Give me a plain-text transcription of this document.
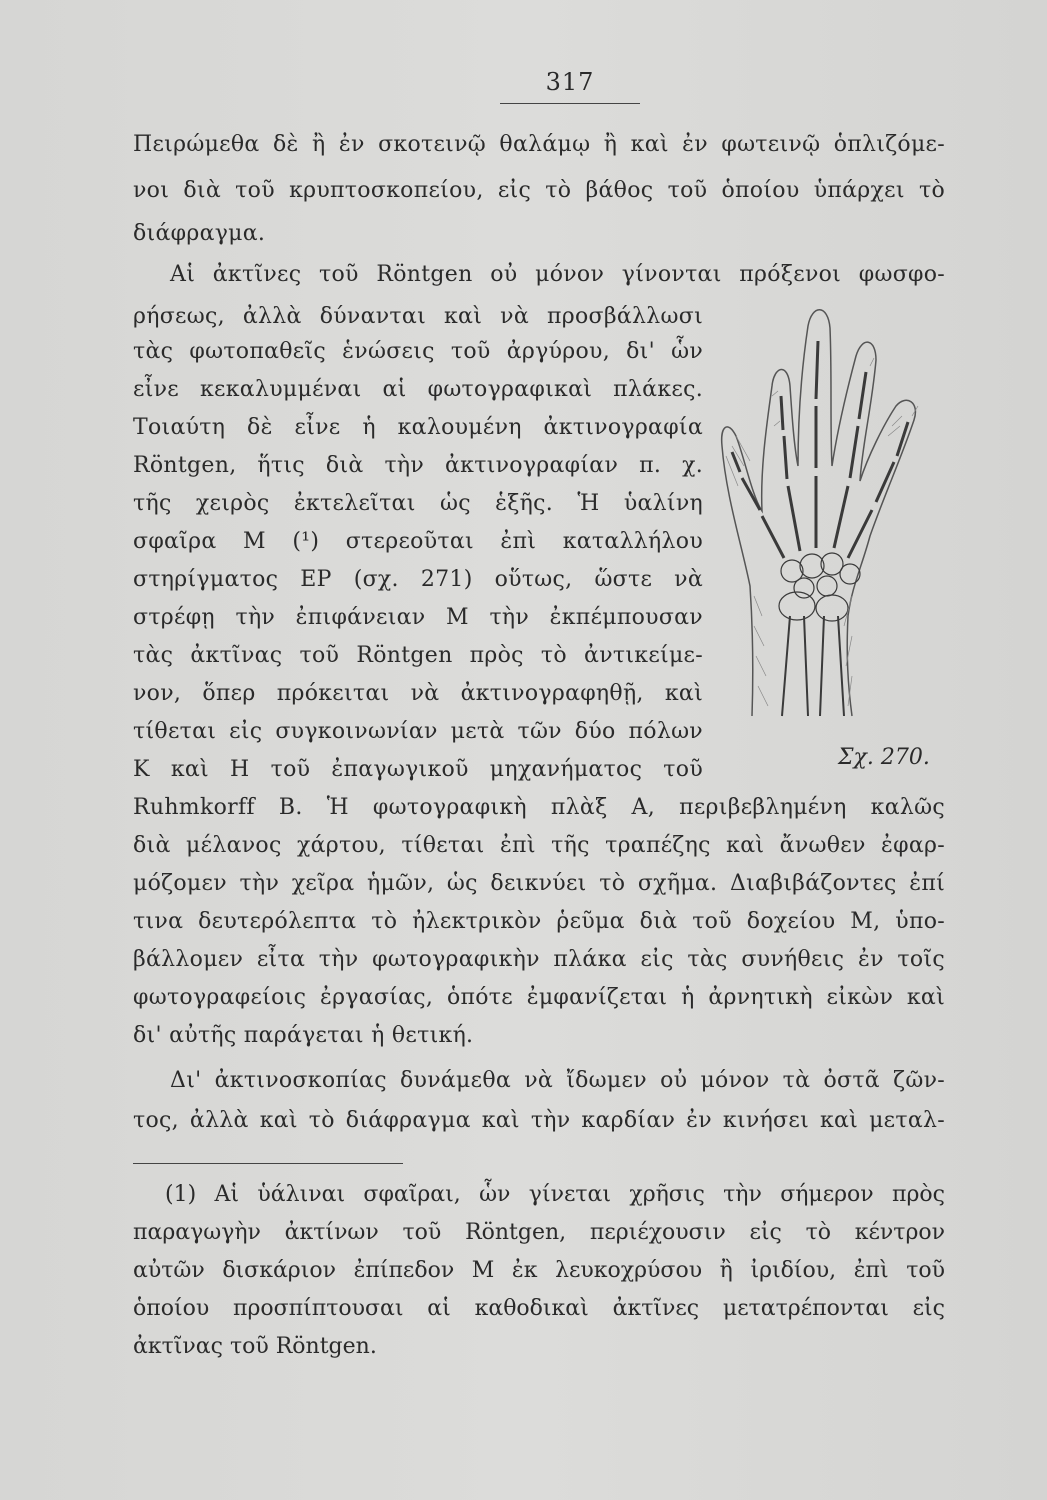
317
Πειρώμεθα δὲ ἢ ἐν σκοτεινῷ θαλάμῳ ἢ καὶ ἐν φωτεινῷ ὁπλιζόμε-
νοι διὰ τοῦ κρυπτοσκοπείου, εἰς τὸ βάθος τοῦ ὁποίου ὑπάρχει τὸ
διάφραγμα.
Αἱ ἀκτῖνες τοῦ Röntgen οὐ μόνον γίνονται πρόξενοι φωσφο-
ρήσεως, ἀλλὰ δύνανται καὶ νὰ προσβάλλωσι
τὰς φωτοπαθεῖς ἑνώσεις τοῦ ἀργύρου, δι' ὧν
εἶνε κεκαλυμμέναι αἱ φωτογραφικαὶ πλάκες.
Τοιαύτη δὲ εἶνε ἡ καλουμένη ἀκτινογραφία
Röntgen, ἥτις διὰ τὴν ἀκτινογραφίαν π. χ.
τῆς χειρὸς ἐκτελεῖται ὡς ἑξῆς. Ἡ ὑαλίνη
σφαῖρα Μ (¹) στερεοῦται ἐπὶ καταλλήλου
στηρίγματος ΕΡ (σχ. 271) οὕτως, ὥστε νὰ
στρέφῃ τὴν ἐπιφάνειαν Μ τὴν ἐκπέμπουσαν
τὰς ἀκτῖνας τοῦ Röntgen πρὸς τὸ ἀντικείμε-
νον, ὅπερ πρόκειται νὰ ἀκτινογραφηθῇ, καὶ
τίθεται εἰς συγκοινωνίαν μετὰ τῶν δύο πόλων
Κ καὶ Η τοῦ ἐπαγωγικοῦ μηχανήματος τοῦ
Ruhmkorff Β. Ἡ φωτογραφικὴ πλὰξ Α, περιβεβλημένη καλῶς
διὰ μέλανος χάρτου, τίθεται ἐπὶ τῆς τραπέζης καὶ ἄνωθεν ἐφαρ-
μόζομεν τὴν χεῖρα ἡμῶν, ὡς δεικνύει τὸ σχῆμα. Διαβιβάζοντες ἐπί
τινα δευτερόλεπτα τὸ ἠλεκτρικὸν ῥεῦμα διὰ τοῦ δοχείου Μ, ὑπο-
βάλλομεν εἶτα τὴν φωτογραφικὴν πλάκα εἰς τὰς συνήθεις ἐν τοῖς
φωτογραφείοις ἐργασίας, ὁπότε ἐμφανίζεται ἡ ἀρνητικὴ εἰκὼν καὶ
δι' αὐτῆς παράγεται ἡ θετική.
Δι' ἀκτινοσκοπίας δυνάμεθα νὰ ἴδωμεν οὐ μόνον τὰ ὀστᾶ ζῶν-
τος, ἀλλὰ καὶ τὸ διάφραγμα καὶ τὴν καρδίαν ἐν κινήσει καὶ μεταλ-
Σχ. 270.
(1) Αἱ ὑάλιναι σφαῖραι, ὧν γίνεται χρῆσις τὴν σήμερον πρὸς
παραγωγὴν ἀκτίνων τοῦ Röntgen, περιέχουσιν εἰς τὸ κέντρον
αὐτῶν δισκάριον ἐπίπεδον Μ ἐκ λευκοχρύσου ἢ ἰριδίου, ἐπὶ τοῦ
ὁποίου προσπίπτουσαι αἱ καθοδικαὶ ἀκτῖνες μετατρέπονται εἰς
ἀκτῖνας τοῦ Röntgen.
